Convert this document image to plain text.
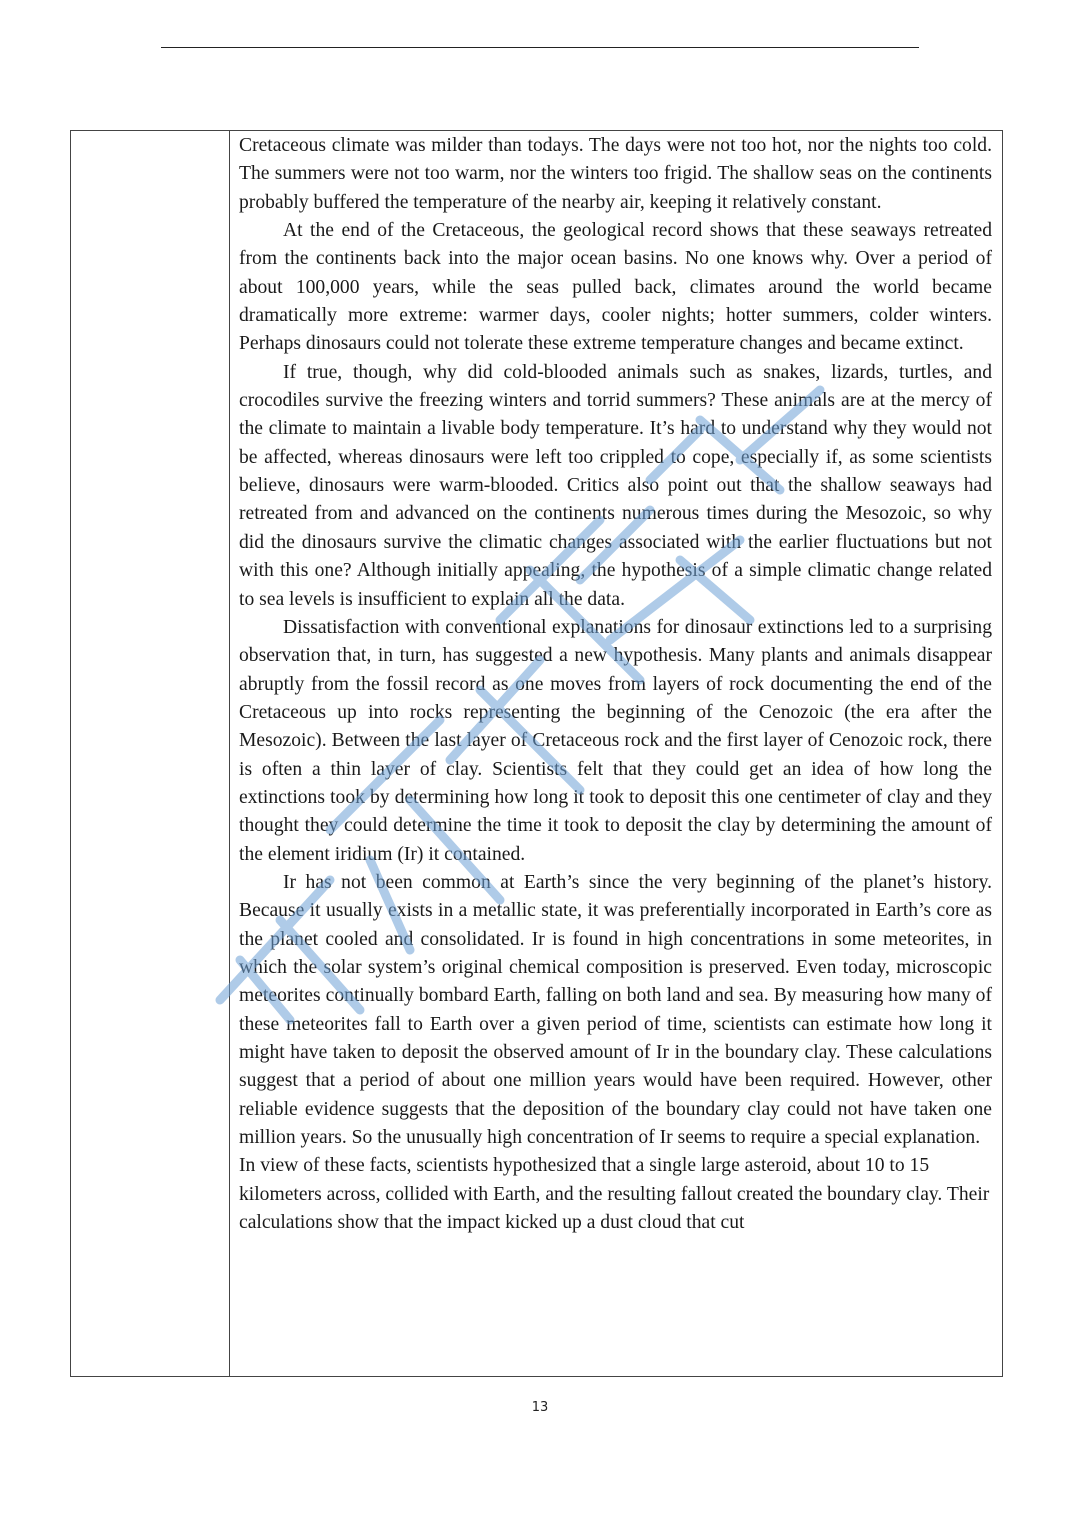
Cretaceous climate was milder than todays. The days were not too hot, nor the nights too cold. The summers were not too warm, nor the winters too frigid. The shallow seas on the continents probably buffered the temperature of the nearby air, keeping it relatively constant.

At the end of the Cretaceous, the geological record shows that these seaways retreated from the continents back into the major ocean basins. No one knows why. Over a period of about 100,000 years, while the seas pulled back, climates around the world became dramatically more extreme: warmer days, cooler nights; hotter summers, colder winters. Perhaps dinosaurs could not tolerate these extreme temperature changes and became extinct.

If true, though, why did cold-blooded animals such as snakes, lizards, turtles, and crocodiles survive the freezing winters and torrid summers? These animals are at the mercy of the climate to maintain a livable body temperature. It’s hard to understand why they would not be affected, whereas dinosaurs were left too crippled to cope, especially if, as some scientists believe, dinosaurs were warm-blooded. Critics also point out that the shallow seaways had retreated from and advanced on the continents numerous times during the Mesozoic, so why did the dinosaurs survive the climatic changes associated with the earlier fluctuations but not with this one? Although initially appealing, the hypothesis of a simple climatic change related to sea levels is insufficient to explain all the data.

Dissatisfaction with conventional explanations for dinosaur extinctions led to a surprising observation that, in turn, has suggested a new hypothesis. Many plants and animals disappear abruptly from the fossil record as one moves from layers of rock documenting the end of the Cretaceous up into rocks representing the beginning of the Cenozoic (the era after the Mesozoic). Between the last layer of Cretaceous rock and the first layer of Cenozoic rock, there is often a thin layer of clay. Scientists felt that they could get an idea of how long the extinctions took by determining how long it took to deposit this one centimeter of clay and they thought they could determine the time it took to deposit the clay by determining the amount of the element iridium (Ir) it contained.

Ir has not been common at Earth’s since the very beginning of the planet’s history. Because it usually exists in a metallic state, it was preferentially incorporated in Earth’s core as the planet cooled and consolidated. Ir is found in high concentrations in some meteorites, in which the solar system’s original chemical composition is preserved. Even today, microscopic meteorites continually bombard Earth, falling on both land and sea. By measuring how many of these meteorites fall to Earth over a given period of time, scientists can estimate how long it might have taken to deposit the observed amount of Ir in the boundary clay. These calculations suggest that a period of about one million years would have been required. However, other reliable evidence suggests that the deposition of the boundary clay could not have taken one million years. So the unusually high concentration of Ir seems to require a special explanation.

In view of these facts, scientists hypothesized that a single large asteroid, about 10 to 15 kilometers across, collided with Earth, and the resulting fallout created the boundary clay. Their calculations show that the impact kicked up a dust cloud that cut

13
